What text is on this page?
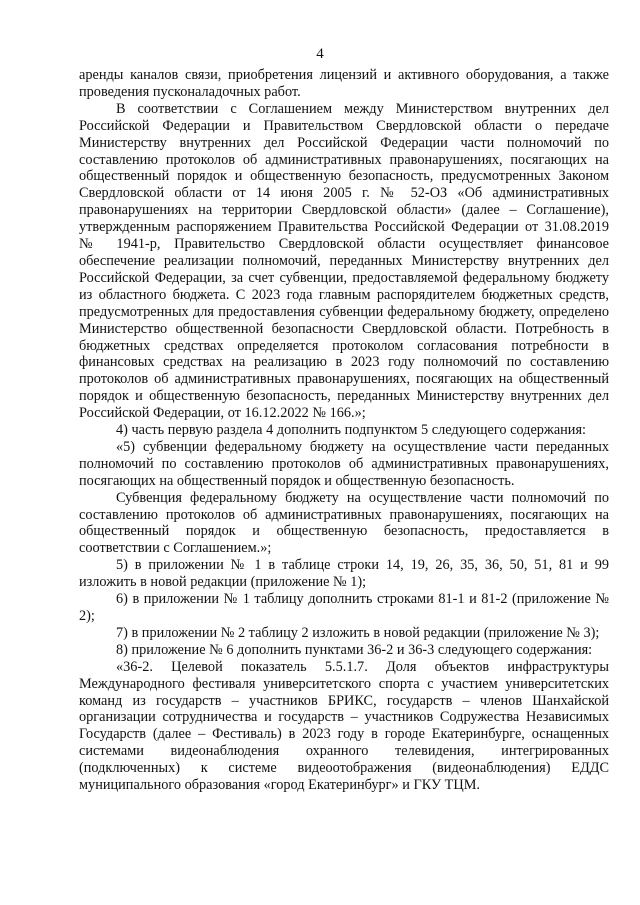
4

аренды каналов связи, приобретения лицензий и активного оборудования, а также проведения пусконаладочных работ.

В соответствии с Соглашением между Министерством внутренних дел Российской Федерации и Правительством Свердловской области о передаче Министерству внутренних дел Российской Федерации части полномочий по составлению протоколов об административных правонарушениях, посягающих на общественный порядок и общественную безопасность, предусмотренных Законом Свердловской области от 14 июня 2005 г. № 52-ОЗ «Об административных правонарушениях на территории Свердловской области» (далее – Соглашение), утвержденным распоряжением Правительства Российской Федерации от 31.08.2019 № 1941-р, Правительство Свердловской области осуществляет финансовое обеспечение реализации полномочий, переданных Министерству внутренних дел Российской Федерации, за счет субвенции, предоставляемой федеральному бюджету из областного бюджета. С 2023 года главным распорядителем бюджетных средств, предусмотренных для предоставления субвенции федеральному бюджету, определено Министерство общественной безопасности Свердловской области. Потребность в бюджетных средствах определяется протоколом согласования потребности в финансовых средствах на реализацию в 2023 году полномочий по составлению протоколов об административных правонарушениях, посягающих на общественный порядок и общественную безопасность, переданных Министерству внутренних дел Российской Федерации, от 16.12.2022 № 166.»;

4) часть первую раздела 4 дополнить подпунктом 5 следующего содержания:

«5) субвенции федеральному бюджету на осуществление части переданных полномочий по составлению протоколов об административных правонарушениях, посягающих на общественный порядок и общественную безопасность.

Субвенция федеральному бюджету на осуществление части полномочий по составлению протоколов об административных правонарушениях, посягающих на общественный порядок и общественную безопасность, предоставляется в соответствии с Соглашением.»;

5) в приложении № 1 в таблице строки 14, 19, 26, 35, 36, 50, 51, 81 и 99 изложить в новой редакции (приложение № 1);

6) в приложении № 1 таблицу дополнить строками 81-1 и 81-2 (приложение № 2);

7) в приложении № 2 таблицу 2 изложить в новой редакции (приложение № 3);

8) приложение № 6 дополнить пунктами 36-2 и 36-3 следующего содержания:

«36-2. Целевой показатель 5.5.1.7. Доля объектов инфраструктуры Международного фестиваля университетского спорта с участием университетских команд из государств – участников БРИКС, государств – членов Шанхайской организации сотрудничества и государств – участников Содружества Независимых Государств (далее – Фестиваль) в 2023 году в городе Екатеринбурге, оснащенных системами видеонаблюдения охранного телевидения, интегрированных (подключенных) к системе видеоотображения (видеонаблюдения) ЕДДС муниципального образования «город Екатеринбург» и ГКУ ТЦМ.
